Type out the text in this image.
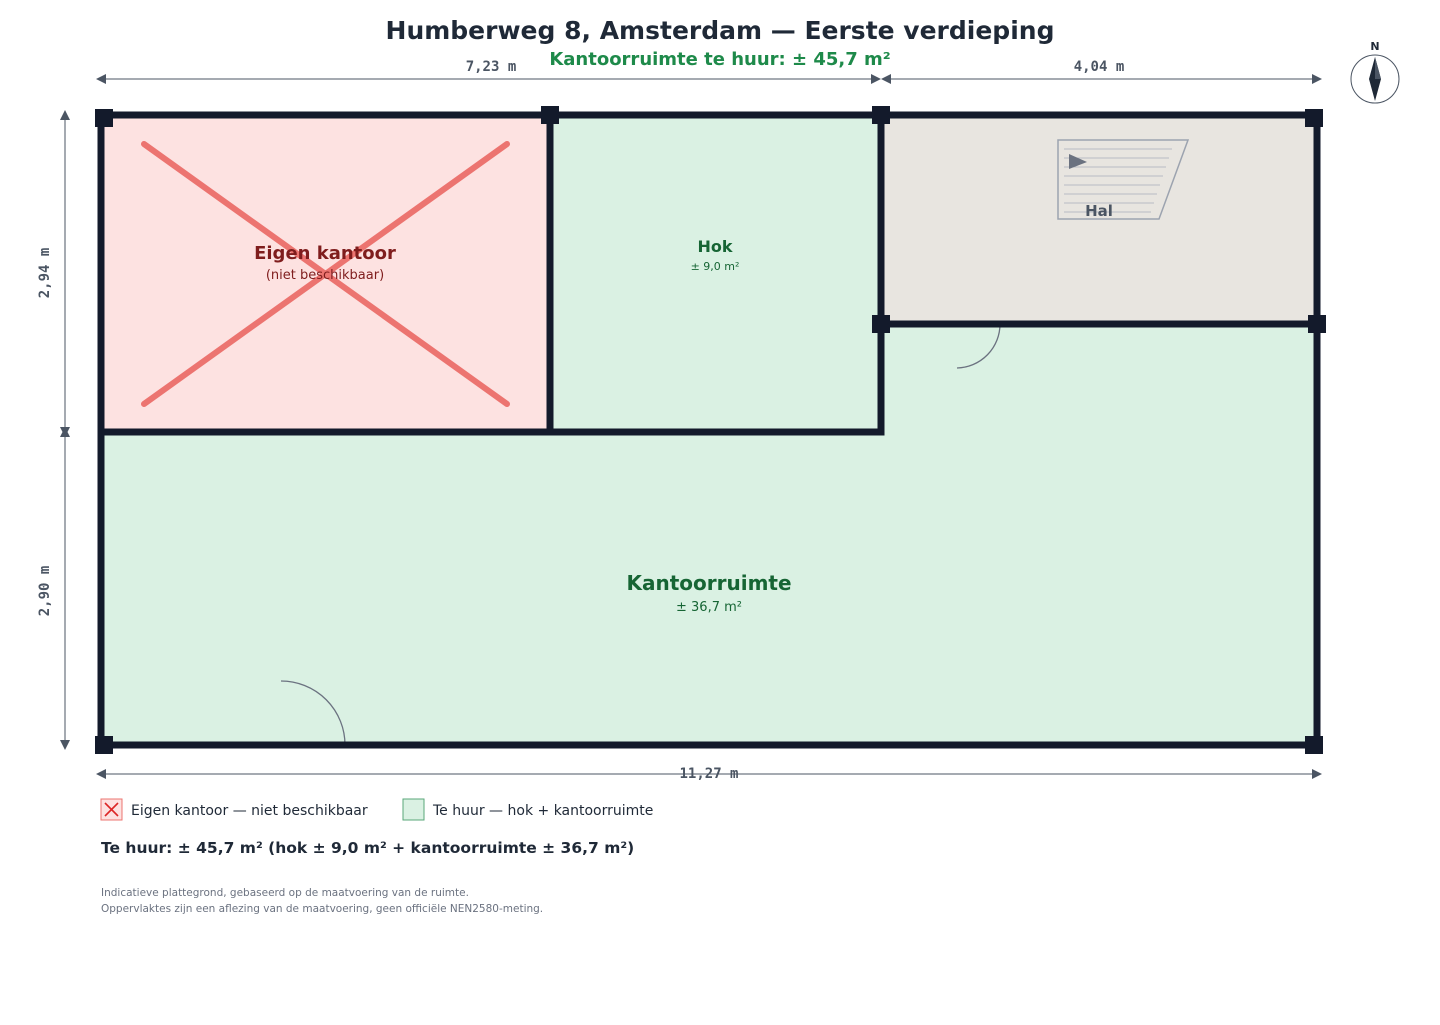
Humberweg 8, Amsterdam — Eerste verdieping
Kantoorruimte te huur: ± 45,7 m²
N
Eigen kantoor
(niet beschikbaar)
Hok
± 9,0 m²
Hal
Kantoorruimte
± 36,7 m²
7,23 m	4,04 m
2,94 m
2,90 m
11,27 m
Eigen kantoor — niet beschikbaar	Te huur — hok + kantoorruimte
Te huur: ± 45,7 m² (hok ± 9,0 m² + kantoorruimte ± 36,7 m²)
Indicatieve plattegrond, gebaseerd op de maatvoering van de ruimte.
Oppervlaktes zijn een aflezing van de maatvoering, geen officiële NEN2580-meting.
